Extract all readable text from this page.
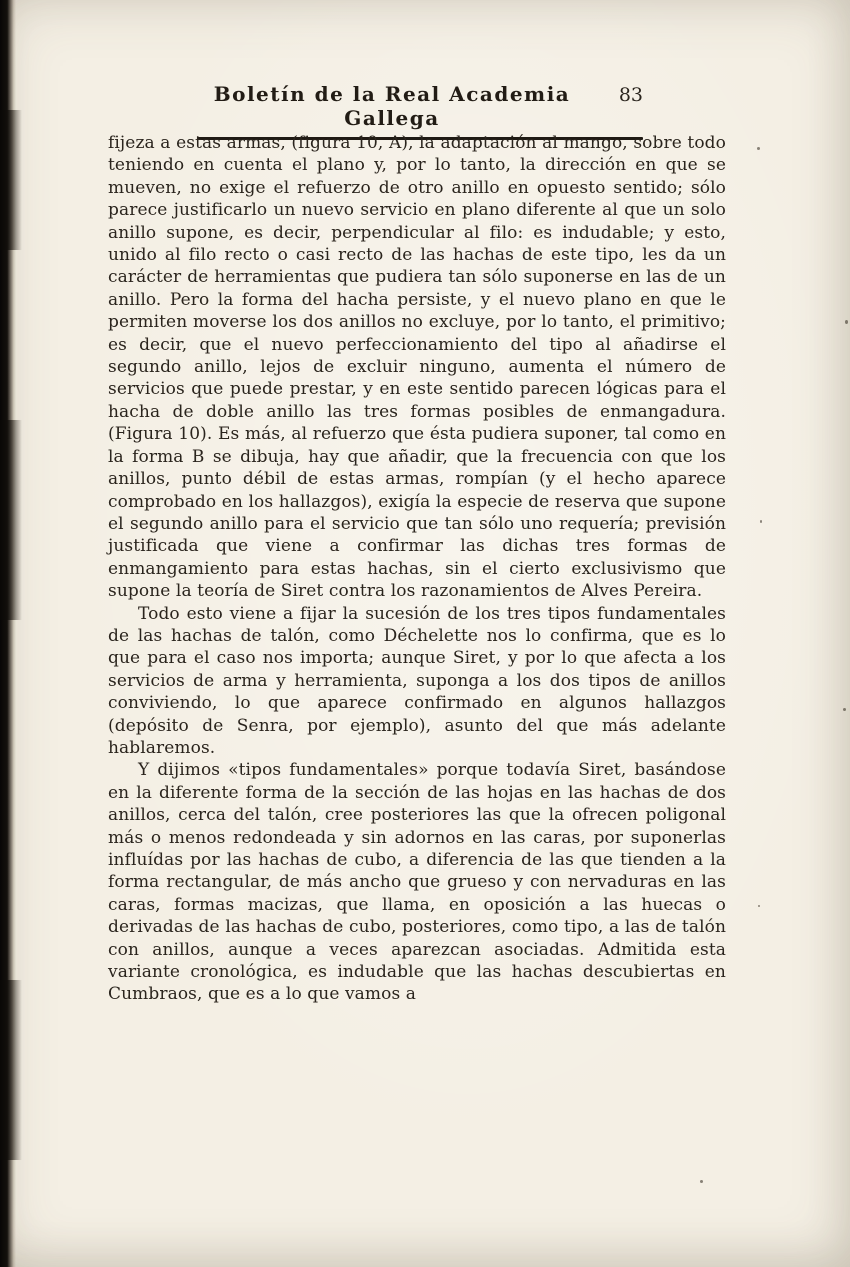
Boletín de la Real Academia Gallega
83

fijeza a estas armas, (figura 10, A), la adaptación al mango, sobre todo teniendo en cuenta el plano y, por lo tanto, la dirección en que se mueven, no exige el refuerzo de otro anillo en opuesto sentido; sólo parece justificarlo un nuevo servicio en plano diferente al que un solo anillo supone, es decir, perpendicular al filo: es indudable; y esto, unido al filo recto o casi recto de las hachas de este tipo, les da un carácter de herramientas que pudiera tan sólo suponerse en las de un anillo. Pero la forma del hacha persiste, y el nuevo plano en que le permiten moverse los dos anillos no excluye, por lo tanto, el primitivo; es decir, que el nuevo perfeccionamiento del tipo al añadirse el segundo anillo, lejos de excluir ninguno, aumenta el número de servicios que puede prestar, y en este sentido parecen lógicas para el hacha de doble anillo las tres formas posibles de enmangadura. (Figura 10). Es más, al refuerzo que ésta pudiera suponer, tal como en la forma B se dibuja, hay que añadir, que la frecuencia con que los anillos, punto débil de estas armas, rompían (y el hecho aparece comprobado en los hallazgos), exigía la especie de reserva que supone el segundo anillo para el servicio que tan sólo uno requería; previsión justificada que viene a confirmar las dichas tres formas de enmangamiento para estas hachas, sin el cierto exclusivismo que supone la teoría de Siret contra los razonamientos de Alves Pereira.

Todo esto viene a fijar la sucesión de los tres tipos fundamentales de las hachas de talón, como Déchelette nos lo confirma, que es lo que para el caso nos importa; aunque Siret, y por lo que afecta a los servicios de arma y herramienta, suponga a los dos tipos de anillos conviviendo, lo que aparece confirmado en algunos hallazgos (depósito de Senra, por ejemplo), asunto del que más adelante hablaremos.

Y dijimos «tipos fundamentales» porque todavía Siret, basándose en la diferente forma de la sección de las hojas en las hachas de dos anillos, cerca del talón, cree posteriores las que la ofrecen poligonal más o menos redondeada y sin adornos en las caras, por suponerlas influídas por las hachas de cubo, a diferencia de las que tienden a la forma rectangular, de más ancho que grueso y con nervaduras en las caras, formas macizas, que llama, en oposición a las huecas o derivadas de las hachas de cubo, posteriores, como tipo, a las de talón con anillos, aunque a veces aparezcan asociadas. Admitida esta variante cronológica, es indudable que las hachas descubiertas en Cumbraos, que es a lo que vamos a
